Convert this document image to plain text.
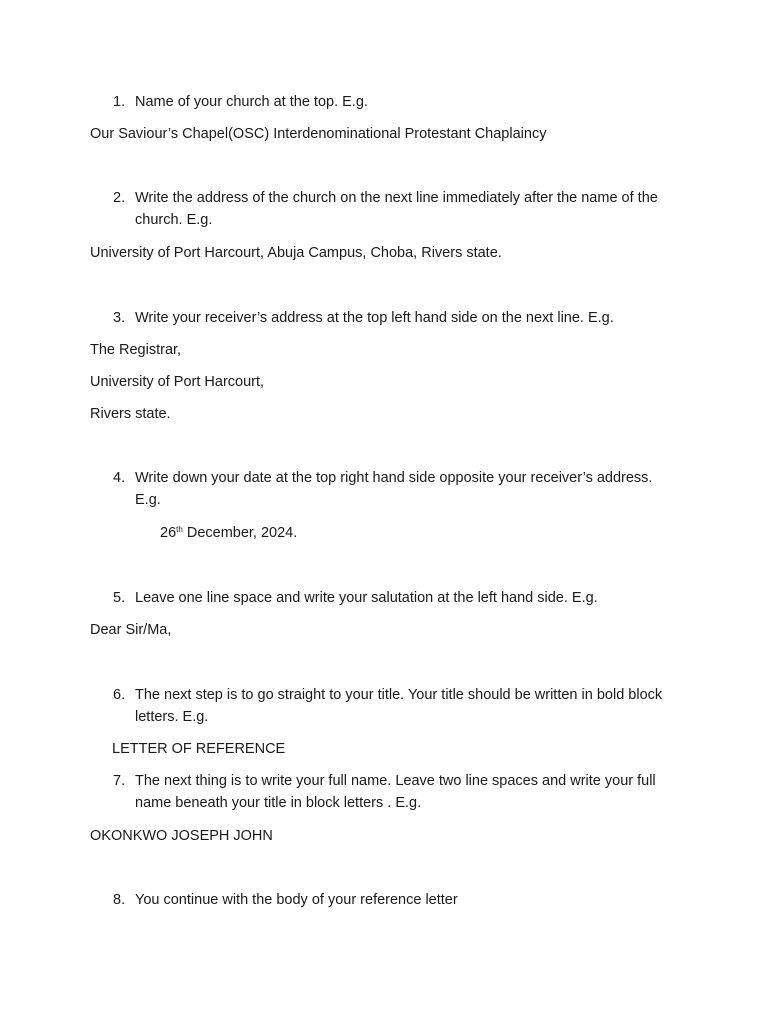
1. Name of your church at the top. E.g.
Our Saviour’s Chapel(OSC) Interdenominational Protestant Chaplaincy
2. Write the address of the church on the next line immediately after the name of the church. E.g.
University of Port Harcourt, Abuja Campus, Choba, Rivers state.
3. Write your receiver’s address at the top left hand side on the next line. E.g.
The Registrar,
University of Port Harcourt,
Rivers state.
4. Write down your date at the top right hand side opposite your receiver’s address. E.g.
26th December, 2024.
5. Leave one line space and write your salutation at the left hand side. E.g.
Dear Sir/Ma,
6. The next step is to go straight to your title. Your title should be written in bold block letters. E.g.
LETTER OF REFERENCE
7. The next thing is to write your full name. Leave two line spaces and write your full name beneath your title in block letters . E.g.
OKONKWO JOSEPH JOHN
8. You continue with the body of your reference letter
